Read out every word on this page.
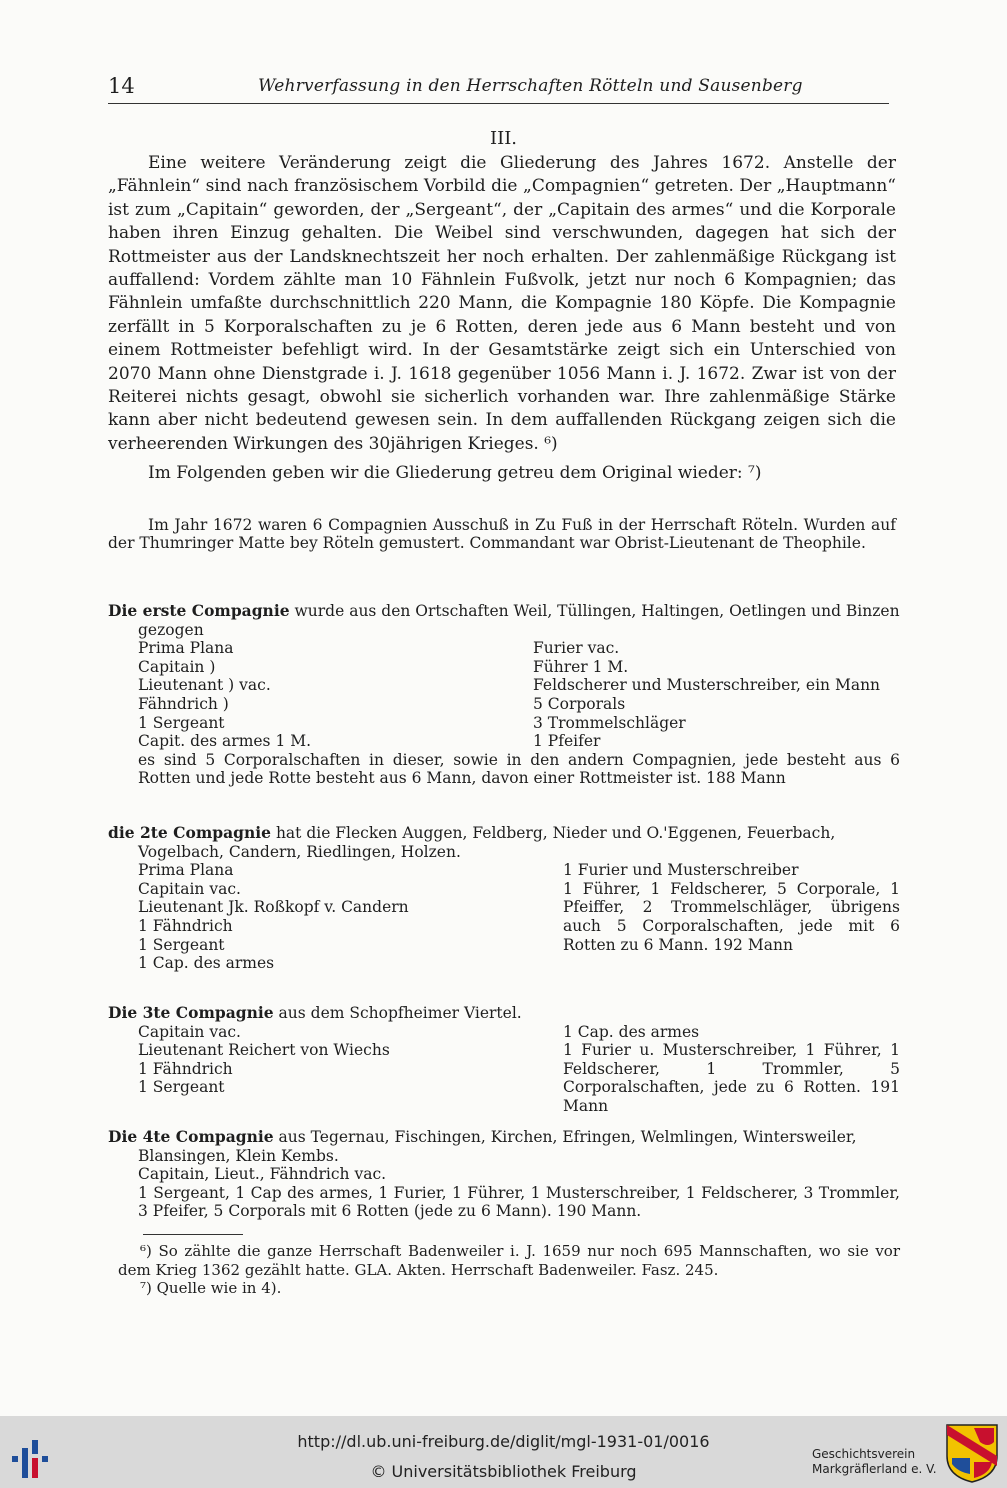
14	Wehrverfassung in den Herrschaften Rötteln und Sausenberg
III.

Eine weitere Veränderung zeigt die Gliederung des Jahres 1672. Anstelle der „Fähnlein“ sind nach französischem Vorbild die „Compagnien“ getreten. Der „Hauptmann“ ist zum „Capitain“ geworden, der „Sergeant“, der „Capitain des armes“ und die Korporale haben ihren Einzug gehalten. Die Weibel sind verschwunden, dagegen hat sich der Rottmeister aus der Landsknechtszeit her noch erhalten. Der zahlenmäßige Rückgang ist auffallend: Vordem zählte man 10 Fähnlein Fußvolk, jetzt nur noch 6 Kompagnien; das Fähnlein umfaßte durchschnittlich 220 Mann, die Kompagnie 180 Köpfe. Die Kompagnie zerfällt in 5 Korporalschaften zu je 6 Rotten, deren jede aus 6 Mann besteht und von einem Rottmeister befehligt wird. In der Gesamtstärke zeigt sich ein Unterschied von 2070 Mann ohne Dienstgrade i. J. 1618 gegenüber 1056 Mann i. J. 1672. Zwar ist von der Reiterei nichts gesagt, obwohl sie sicherlich vorhanden war. Ihre zahlenmäßige Stärke kann aber nicht bedeutend gewesen sein. In dem auffallenden Rückgang zeigen sich die verheerenden Wirkungen des 30jährigen Krieges. ⁶)

Im Folgenden geben wir die Gliederung getreu dem Original wieder: ⁷)

Im Jahr 1672 waren 6 Compagnien Ausschuß in Zu Fuß in der Herrschaft Röteln. Wurden auf der Thumringer Matte bey Röteln gemustert. Commandant war Obrist-Lieutenant de Theophile.

Die erste Compagnie wurde aus den Ortschaften Weil, Tüllingen, Haltingen, Oetlingen und Binzen gezogen
Prima Plana
Capitain )
Lieutenant ) vac.
Fähndrich )
1 Sergeant
Capit. des armes 1 M.
Furier vac.
Führer 1 M.
Feldscherer und Musterschreiber, ein Mann
5 Corporals
3 Trommelschläger
1 Pfeifer
es sind 5 Corporalschaften in dieser, sowie in den andern Compagnien, jede besteht aus 6 Rotten und jede Rotte besteht aus 6 Mann, davon einer Rottmeister ist. 188 Mann
die 2te Compagnie hat die Flecken Auggen, Feldberg, Nieder und O.'Eggenen, Feuerbach, Vogelbach, Candern, Riedlingen, Holzen.
Prima Plana
Capitain vac.
Lieutenant Jk. Roßkopf v. Candern
1 Fähndrich
1 Sergeant
1 Cap. des armes
1 Furier und Musterschreiber
1 Führer, 1 Feldscherer, 5 Corporale, 1 Pfeiffer, 2 Trommelschläger, übrigens auch 5 Corporalschaften, jede mit 6 Rotten zu 6 Mann. 192 Mann
Die 3te Compagnie aus dem Schopfheimer Viertel.
Capitain vac.
Lieutenant Reichert von Wiechs
1 Fähndrich
1 Sergeant
1 Cap. des armes
1 Furier u. Musterschreiber, 1 Führer, 1 Feldscherer, 1 Trommler, 5 Corporalschaften, jede zu 6 Rotten. 191 Mann
Die 4te Compagnie aus Tegernau, Fischingen, Kirchen, Efringen, Welmlingen, Wintersweiler, Blansingen, Klein Kembs.
Capitain, Lieut., Fähndrich vac.
1 Sergeant, 1 Cap des armes, 1 Furier, 1 Führer, 1 Musterschreiber, 1 Feldscherer, 3 Trommler, 3 Pfeifer, 5 Corporals mit 6 Rotten (jede zu 6 Mann). 190 Mann.

⁶) So zählte die ganze Herrschaft Badenweiler i. J. 1659 nur noch 695 Mannschaften, wo sie vor dem Krieg 1362 gezählt hatte. GLA. Akten. Herrschaft Badenweiler. Fasz. 245.

⁷) Quelle wie in 4).

http://dl.ub.uni-freiburg.de/diglit/mgl-1931-01/0016
© Universitätsbibliothek Freiburg
Geschichtsverein
Markgräflerland e. V.
